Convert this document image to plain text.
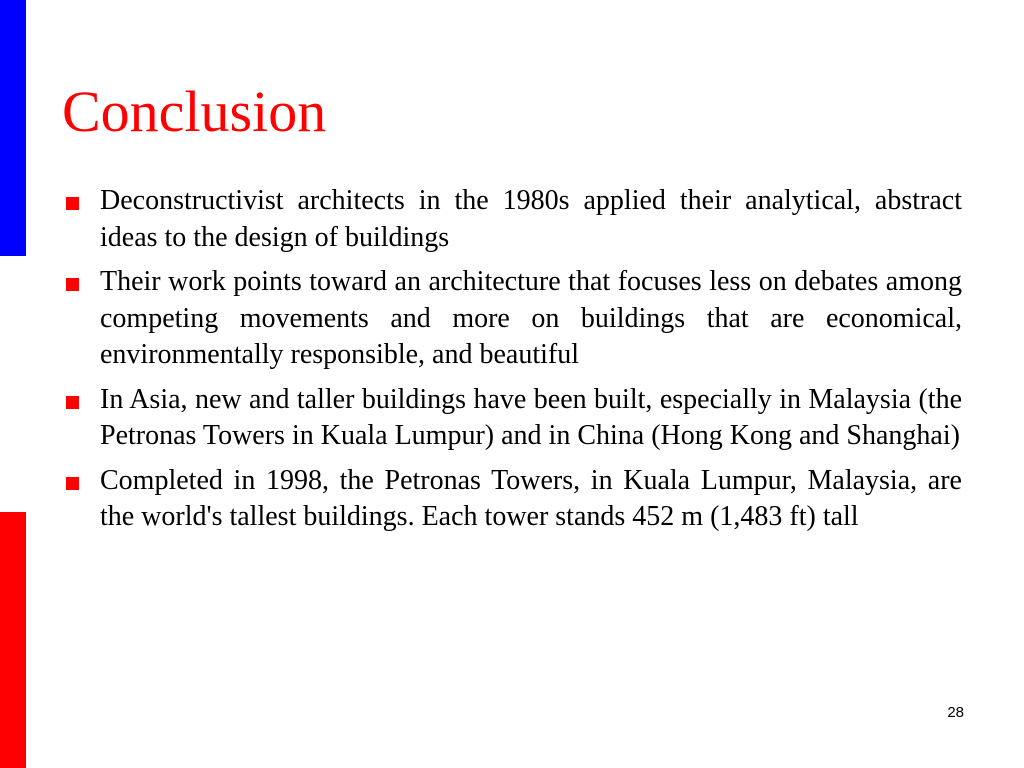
Conclusion
Deconstructivist architects in the 1980s applied their analytical, abstract ideas to the design of buildings
Their work points toward an architecture that focuses less on debates among competing movements and more on buildings that are economical, environmentally responsible, and beautiful
In Asia, new and taller buildings have been built, especially in Malaysia (the Petronas Towers in Kuala Lumpur) and in China (Hong Kong and Shanghai)
Completed in 1998, the Petronas Towers, in Kuala Lumpur, Malaysia, are the world's tallest buildings. Each tower stands 452 m (1,483 ft) tall
28
